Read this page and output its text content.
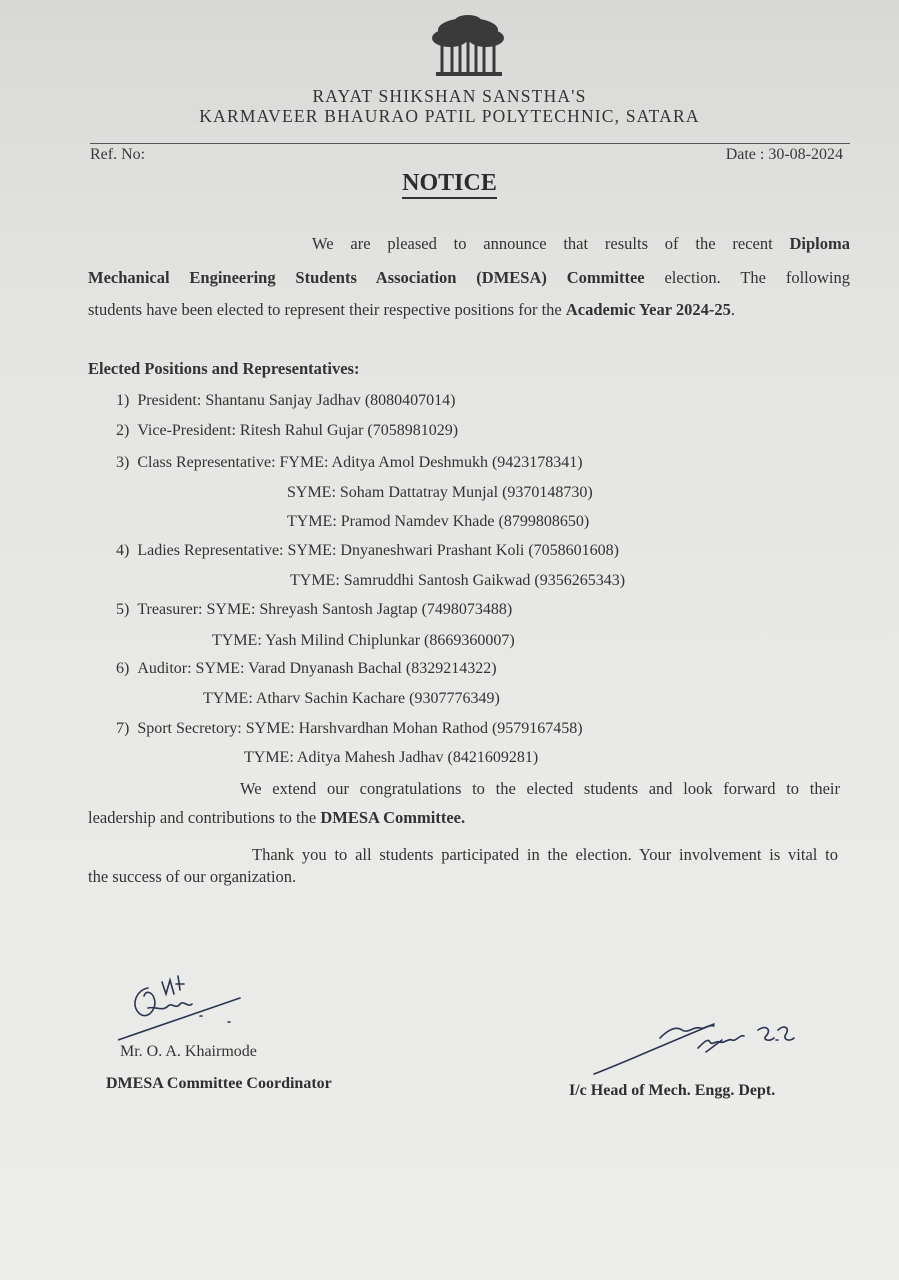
RAYAT SHIKSHAN SANSTHA'S
KARMAVEER BHAURAO PATIL POLYTECHNIC, SATARA
Ref. No:	Date : 30-08-2024
NOTICE
We are pleased to announce that results of the recent Diploma
Mechanical Engineering Students Association (DMESA) Committee election. The following
students have been elected to represent their respective positions for the Academic Year 2024-25.
Elected Positions and Representatives:
1) President: Shantanu Sanjay Jadhav (8080407014)
2) Vice-President: Ritesh Rahul Gujar (7058981029)
3) Class Representative: FYME: Aditya Amol Deshmukh (9423178341)
SYME: Soham Dattatray Munjal (9370148730)
TYME: Pramod Namdev Khade (8799808650)
4) Ladies Representative: SYME: Dnyaneshwari Prashant Koli (7058601608)
TYME: Samruddhi Santosh Gaikwad (9356265343)
5) Treasurer: SYME: Shreyash Santosh Jagtap (7498073488)
TYME: Yash Milind Chiplunkar (8669360007)
6) Auditor: SYME: Varad Dnyanash Bachal (8329214322)
TYME: Atharv Sachin Kachare (9307776349)
7) Sport Secretory: SYME: Harshvardhan Mohan Rathod (9579167458)
TYME: Aditya Mahesh Jadhav (8421609281)
We extend our congratulations to the elected students and look forward to their
leadership and contributions to the DMESA Committee.
Thank you to all students participated in the election. Your involvement is vital to
the success of our organization.
Mr. O. A. Khairmode
DMESA Committee Coordinator	I/c Head of Mech. Engg. Dept.
